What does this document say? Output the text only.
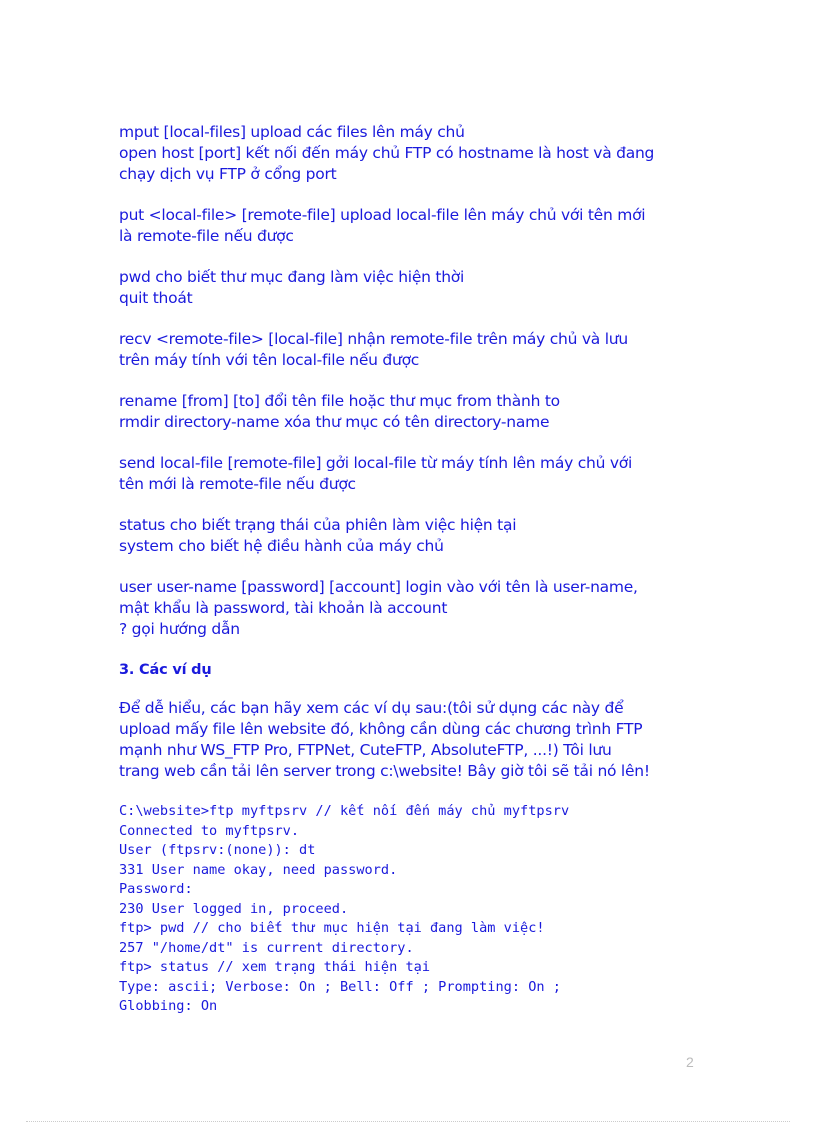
mput [local-files] upload các files lên máy chủ
open host [port] kết nối đến máy chủ FTP có hostname là host và đang
chạy dịch vụ FTP ở cổng port
put <local-file> [remote-file] upload local-file lên máy chủ với tên mới
là remote-file nếu được
pwd cho biết thư mục đang làm việc hiện thời
quit thoát
recv <remote-file> [local-file] nhận remote-file trên máy chủ và lưu
trên máy tính với tên local-file nếu được
rename [from] [to] đổi tên file hoặc thư mục from thành to
rmdir directory-name xóa thư mục có tên directory-name
send local-file [remote-file] gởi local-file từ máy tính lên máy chủ với
tên mới là remote-file nếu được
status cho biết trạng thái của phiên làm việc hiện tại
system cho biết hệ điều hành của máy chủ
user user-name [password] [account] login vào với tên là user-name,
mật khẩu là password, tài khoản là account
? gọi hướng dẫn
3. Các ví dụ
Để dễ hiểu, các bạn hãy xem các ví dụ sau:(tôi sử dụng các này để
upload mấy file lên website đó, không cần dùng các chương trình FTP
mạnh như WS_FTP Pro, FTPNet, CuteFTP, AbsoluteFTP, ...!) Tôi lưu
trang web cần tải lên server trong c:\website! Bây giờ tôi sẽ tải nó lên!
C:\website>ftp myftpsrv // kết nối đến máy chủ myftpsrv
Connected to myftpsrv.
User (ftpsrv:(none)): dt
331 User name okay, need password.
Password:
230 User logged in, proceed.
ftp> pwd // cho biết thư mục hiện tại đang làm việc!
257 "/home/dt" is current directory.
ftp> status // xem trạng thái hiện tại
Type: ascii; Verbose: On ; Bell: Off ; Prompting: On ;
Globbing: On
2
